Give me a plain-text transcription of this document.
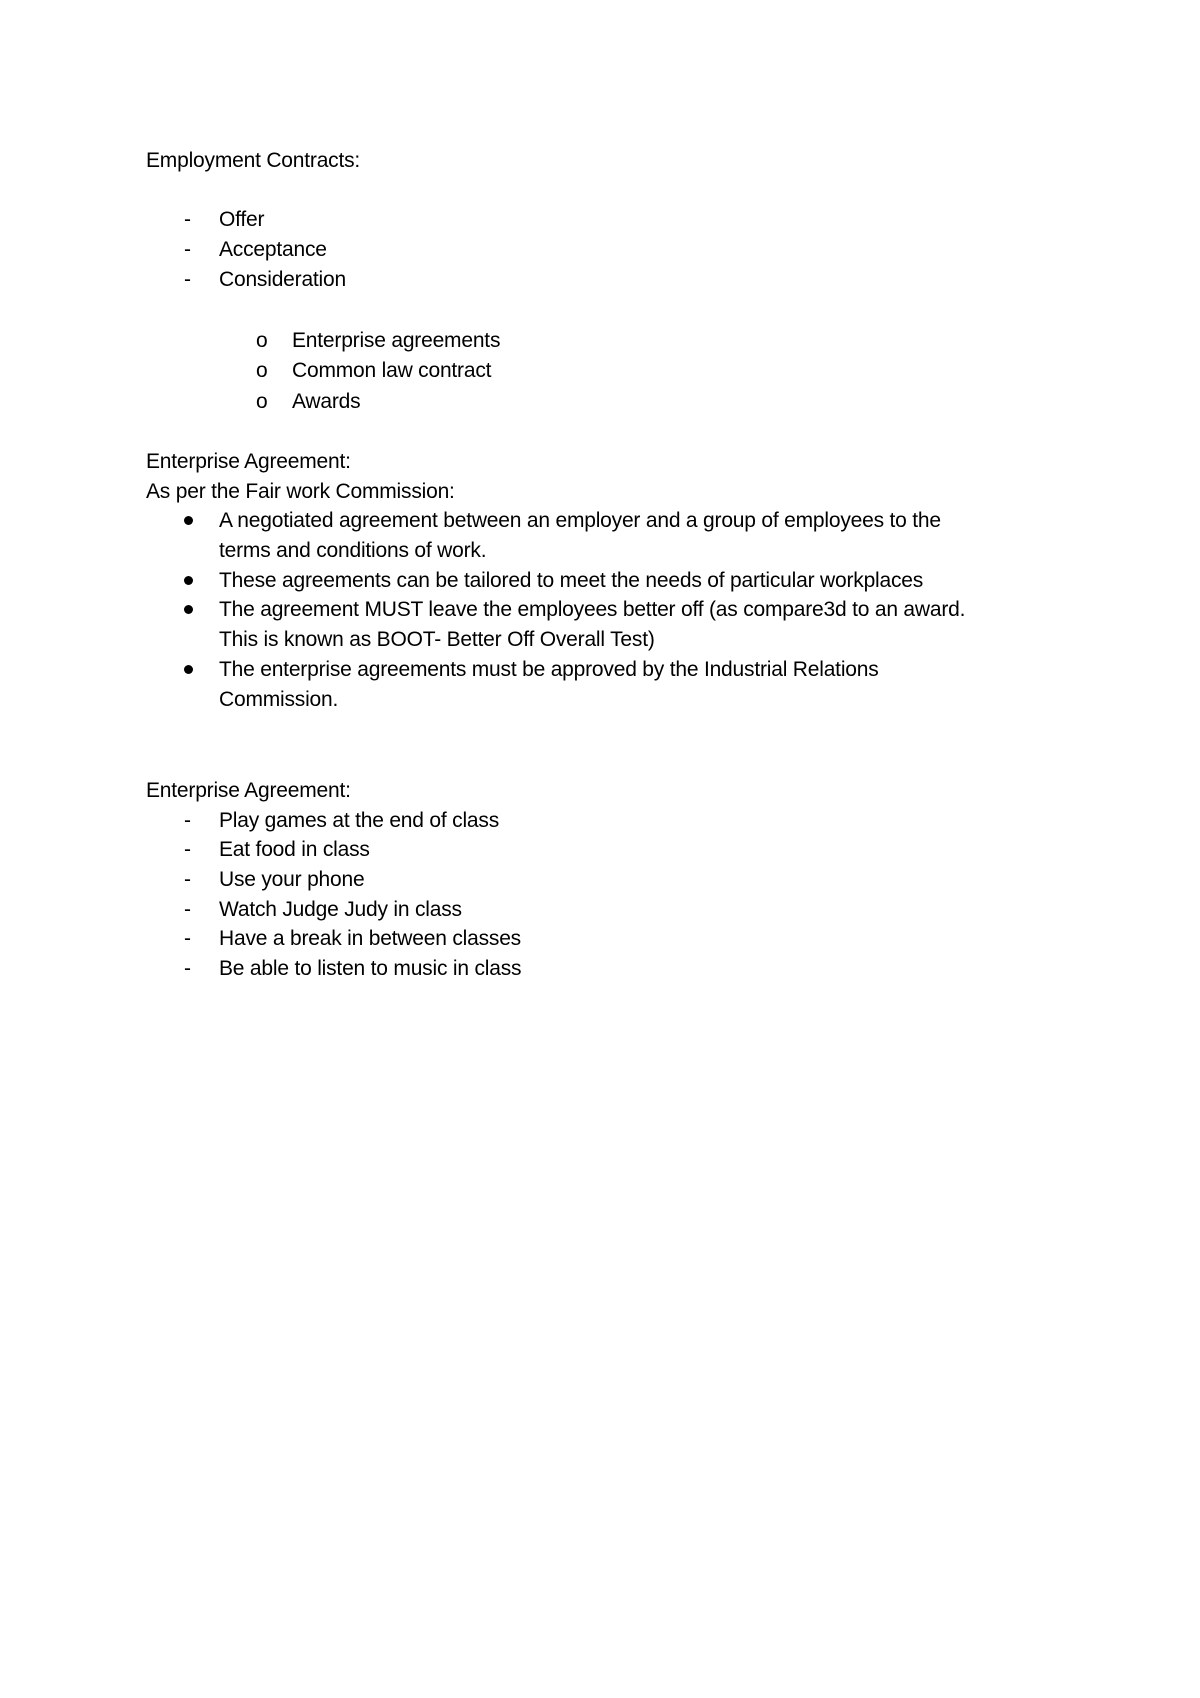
Employment Contracts:
- Offer
- Acceptance
- Consideration
o Enterprise agreements
o Common law contract
o Awards
Enterprise Agreement:
As per the Fair work Commission:
A negotiated agreement between an employer and a group of employees to the
terms and conditions of work.
These agreements can be tailored to meet the needs of particular workplaces
The agreement MUST leave the employees better off (as compare3d to an award.
This is known as BOOT- Better Off Overall Test)
The enterprise agreements must be approved by the Industrial Relations
Commission.
Enterprise Agreement:
- Play games at the end of class
- Eat food in class
- Use your phone
- Watch Judge Judy in class
- Have a break in between classes
- Be able to listen to music in class
